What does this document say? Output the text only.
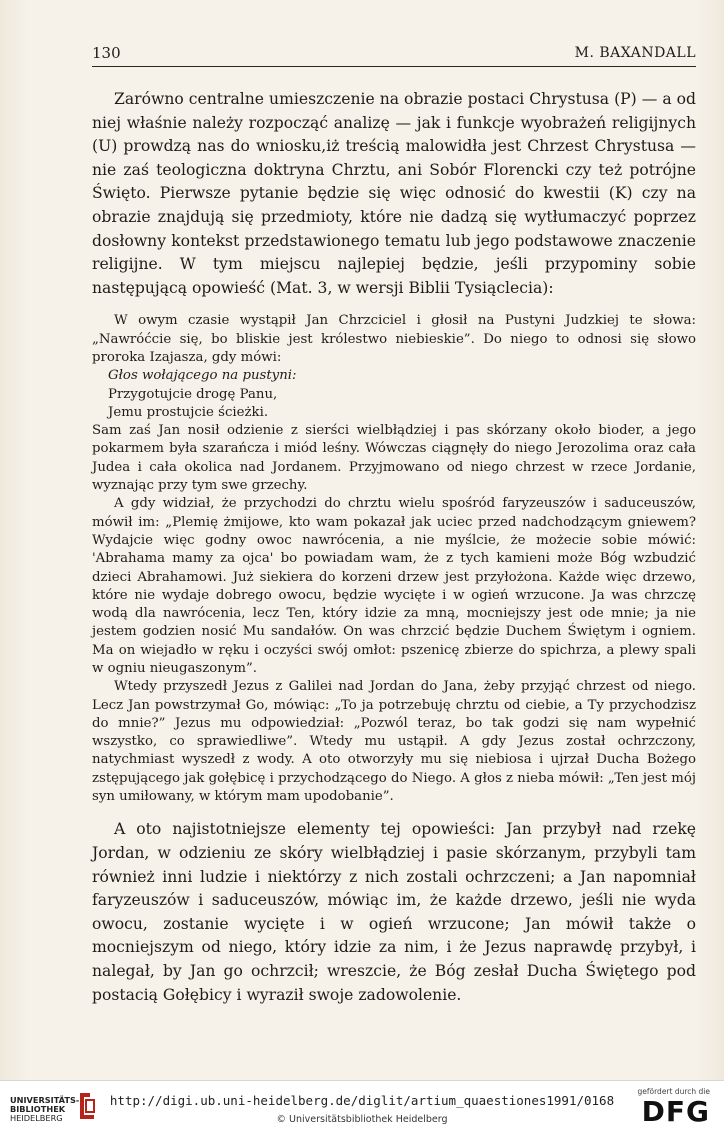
130	M. BAXANDALL

Zarówno centralne umieszczenie na obrazie postaci Chrystusa (P) — a od niej właśnie należy rozpocząć analizę — jak i funkcje wyobrażeń religijnych (U) prowdzą nas do wniosku,iż treścią malowidła jest Chrzest Chrystusa — nie zaś teologiczna doktryna Chrztu, ani Sobór Florencki czy też potrójne Święto. Pierwsze pytanie będzie się więc odnosić do kwestii (K) czy na obrazie znajdują się przedmioty, które nie dadzą się wytłumaczyć poprzez dosłowny kontekst przedstawionego tematu lub jego podstawowe znaczenie religijne. W tym miejscu najlepiej będzie, jeśli przypominy sobie następującą opowieść (Mat. 3, w wersji Biblii Tysiąclecia):

W owym czasie wystąpił Jan Chrzciciel i głosił na Pustyni Judzkiej te słowa: „Nawróćcie się, bo bliskie jest królestwo niebieskie”. Do niego to odnosi się słowo proroka Izajasza, gdy mówi:

Głos wołającego na pustyni:
Przygotujcie drogę Panu,
Jemu prostujcie ścieżki.

Sam zaś Jan nosił odzienie z sierści wielbłądziej i pas skórzany około bioder, a jego pokarmem była szarańcza i miód leśny. Wówczas ciągnęły do niego Jerozolima oraz cała Judea i cała okolica nad Jordanem. Przyjmowano od niego chrzest w rzece Jordanie, wyznając przy tym swe grzechy.

A gdy widział, że przychodzi do chrztu wielu spośród faryzeuszów i saduceuszów, mówił im: „Plemię żmijowe, kto wam pokazał jak uciec przed nadchodzącym gniewem? Wydajcie więc godny owoc nawrócenia, a nie myślcie, że możecie sobie mówić: 'Abrahama mamy za ojca' bo powiadam wam, że z tych kamieni może Bóg wzbudzić dzieci Abrahamowi. Już siekiera do korzeni drzew jest przyłożona. Każde więc drzewo, które nie wydaje dobrego owocu, będzie wycięte i w ogień wrzucone. Ja was chrzczę wodą dla nawrócenia, lecz Ten, który idzie za mną, mocniejszy jest ode mnie; ja nie jestem godzien nosić Mu sandałów. On was chrzcić będzie Duchem Świętym i ogniem. Ma on wiejadło w ręku i oczyści swój omłot: pszenicę zbierze do spichrza, a plewy spali w ogniu nieugaszonym”.

Wtedy przyszedł Jezus z Galilei nad Jordan do Jana, żeby przyjąć chrzest od niego. Lecz Jan powstrzymał Go, mówiąc: „To ja potrzebuję chrztu od ciebie, a Ty przychodzisz do mnie?” Jezus mu odpowiedział: „Pozwól teraz, bo tak godzi się nam wypełnić wszystko, co sprawiedliwe”. Wtedy mu ustąpił. A gdy Jezus został ochrzczony, natychmiast wyszedł z wody. A oto otworzyły mu się niebiosa i ujrzał Ducha Bożego zstępującego jak gołębicę i przychodzącego do Niego. A głos z nieba mówił: „Ten jest mój syn umiłowany, w którym mam upodobanie”.

A oto najistotniejsze elementy tej opowieści: Jan przybył nad rzekę Jordan, w odzieniu ze skóry wielbłądziej i pasie skórzanym, przybyli tam również inni ludzie i niektórzy z nich zostali ochrzczeni; a Jan napomniał faryzeuszów i saduceuszów, mówiąc im, że każde drzewo, jeśli nie wyda owocu, zostanie wycięte i w ogień wrzucone; Jan mówił także o mocniejszym od niego, który idzie za nim, i że Jezus naprawdę przybył, i nalegał, by Jan go ochrzcił; wreszcie, że Bóg zesłał Ducha Świętego pod postacią Gołębicy i wyraził swoje zadowolenie.

UNIVERSITÄTS-
BIBLIOTHEK
HEIDELBERG
http://digi.ub.uni-heidelberg.de/diglit/artium_quaestiones1991/0168
© Universitätsbibliothek Heidelberg
gefördert durch die
DFG
